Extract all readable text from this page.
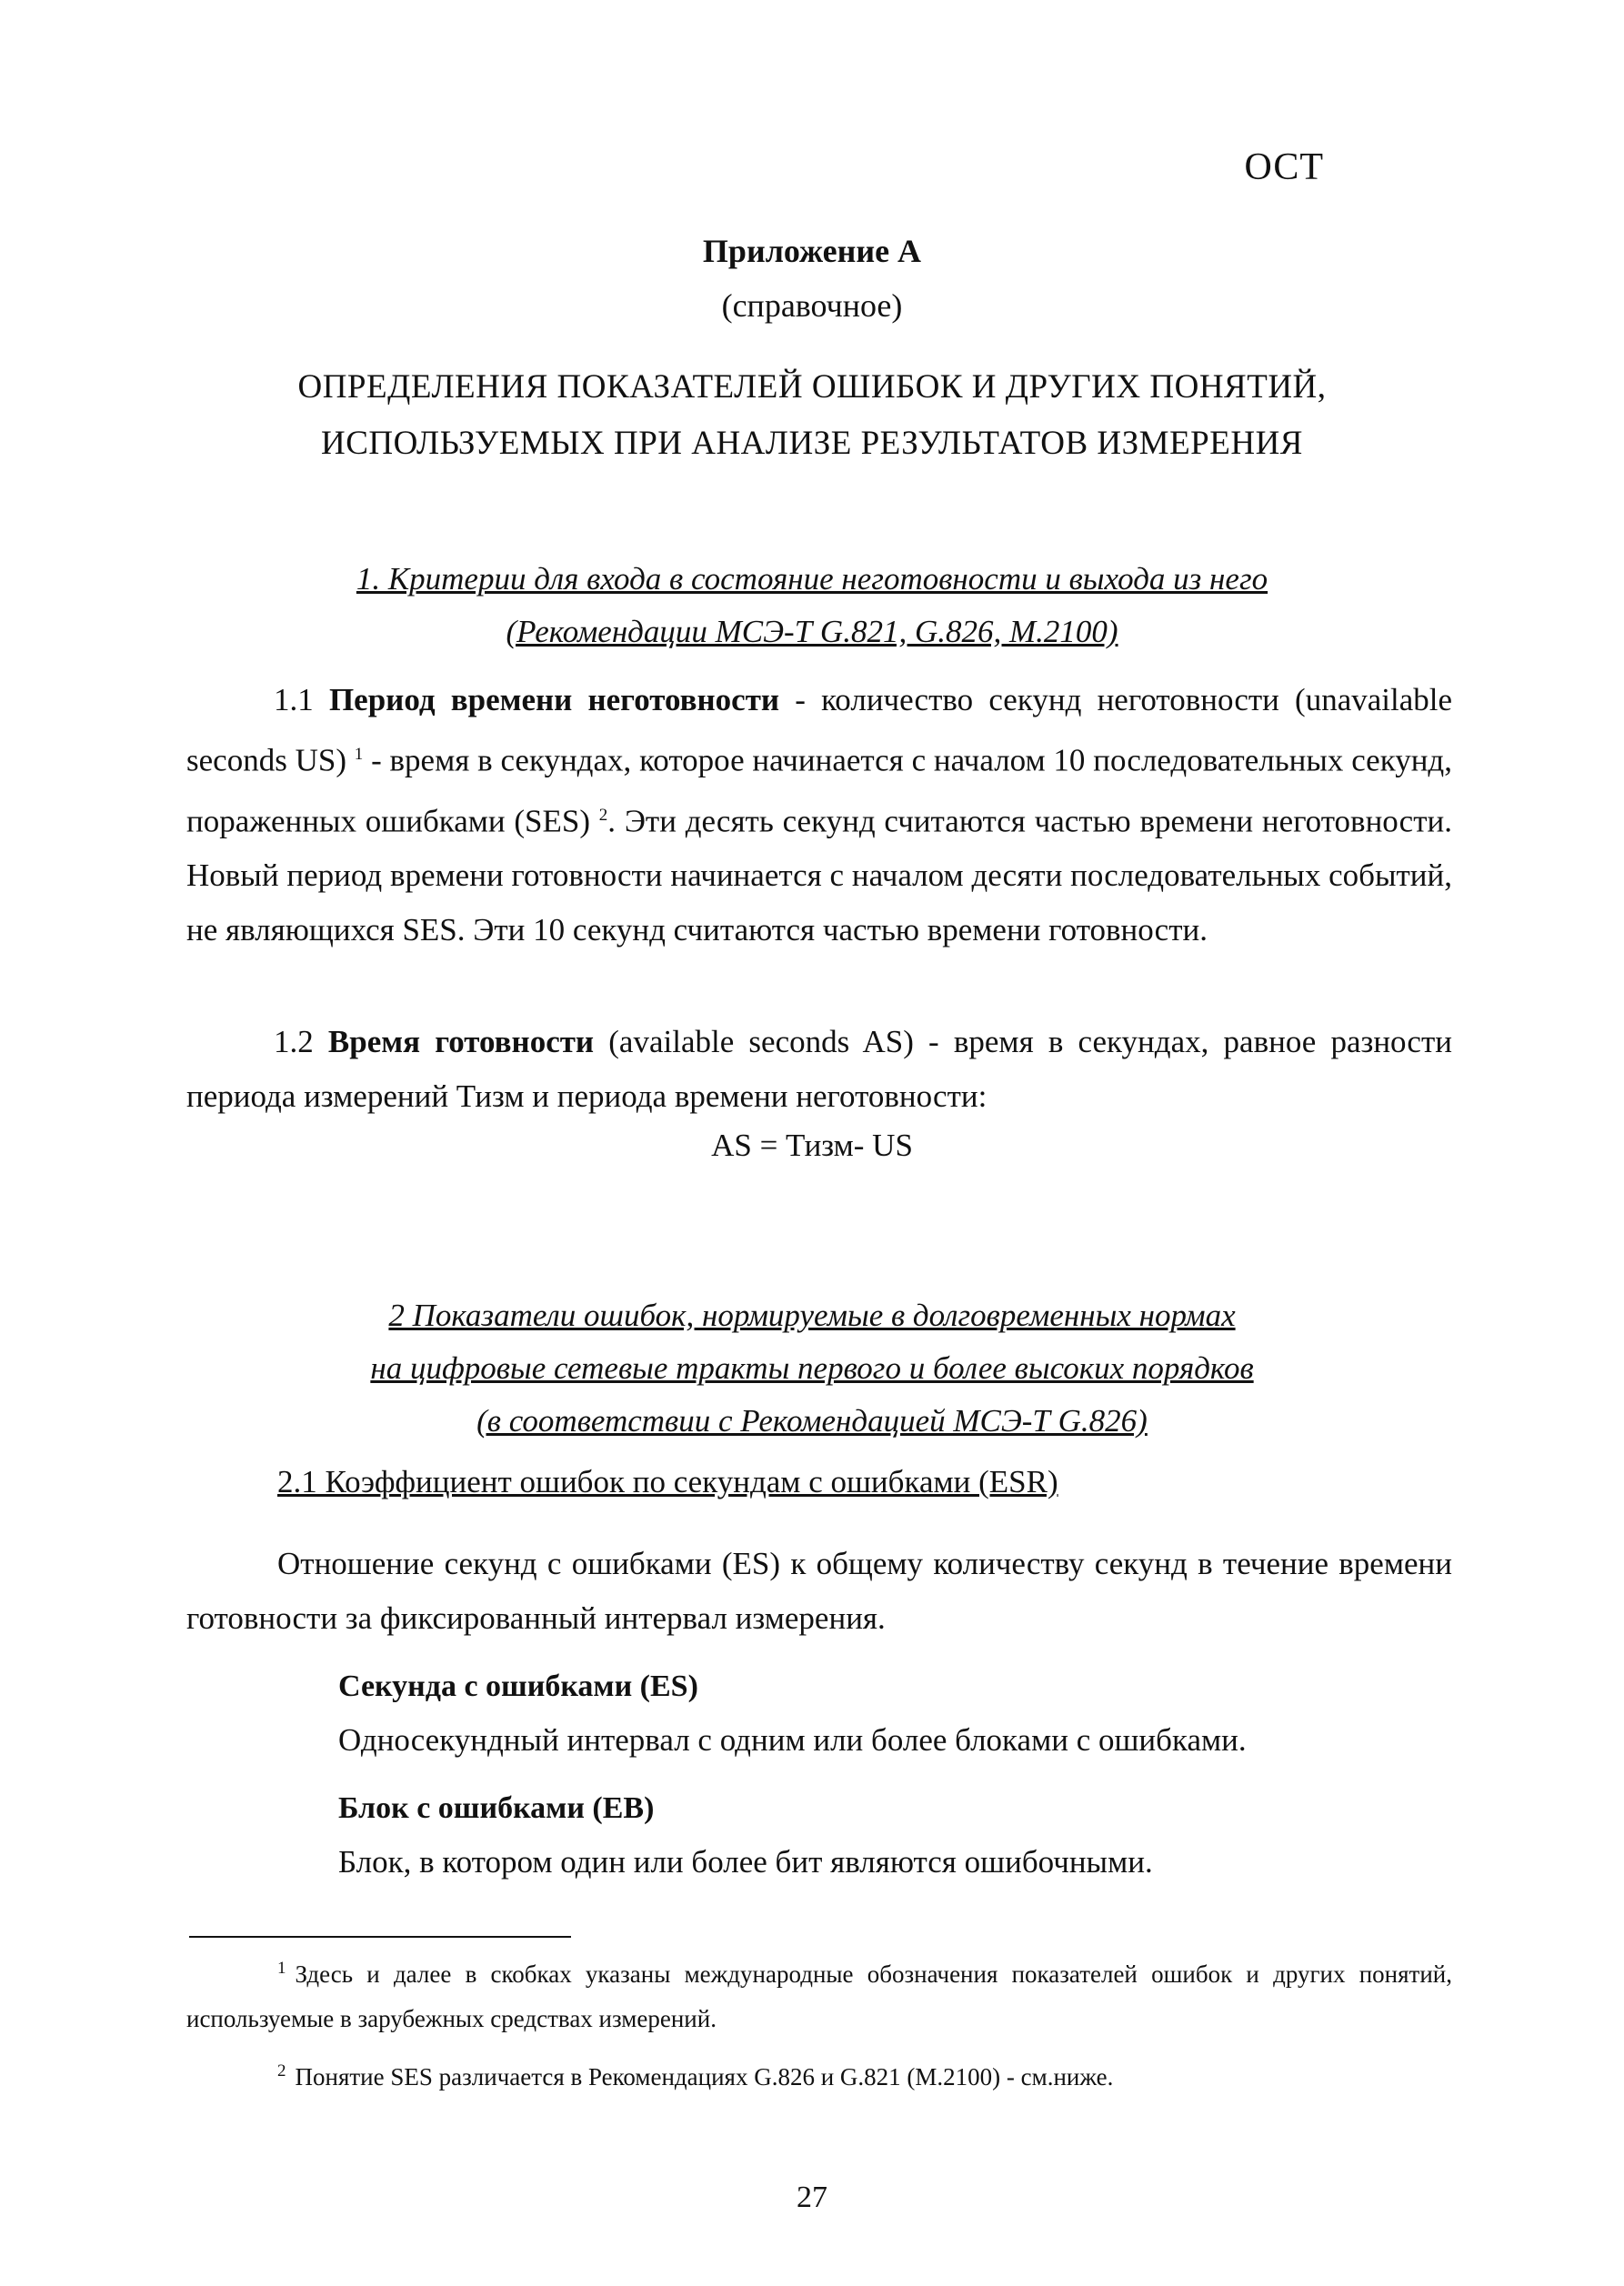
ОСТ

Приложение А

(справочное)

ОПРЕДЕЛЕНИЯ ПОКАЗАТЕЛЕЙ ОШИБОК И ДРУГИХ ПОНЯТИЙ,
ИСПОЛЬЗУЕМЫХ ПРИ АНАЛИЗЕ РЕЗУЛЬТАТОВ ИЗМЕРЕНИЯ
1. Критерии для входа в состояние неготовности и выхода из него
(Рекомендации МСЭ-Т G.821, G.826, M.2100)

1.1 Период времени неготовности - количество секунд неготовности (unavailable seconds US) $^1$ - время в секундах, которое начинается с началом 10 последовательных секунд, пораженных ошибками (SES) $^2$. Эти десять секунд считаются частью времени неготовности. Новый период времени готовности начинается с началом десяти последовательных событий, не являющихся SES. Эти 10 секунд считаются частью времени готовности.

1.2 Время готовности (available seconds AS) - время в секундах, равное разности периода измерений Тизм и периода времени неготовности:

AS = Тизм- US

2 Показатели ошибок, нормируемые в долговременных нормах
на цифровые сетевые тракты первого и более высоких порядков
(в соответствии с Рекомендацией МСЭ-Т G.826)

2.1 Коэффициент ошибок по секундам с ошибками (ESR)

Отношение секунд с ошибками (ES) к общему количеству секунд в течение времени готовности за фиксированный интервал измерения.

Секунда с ошибками (ES)

Односекундный интервал с одним или более блоками с ошибками.

Блок с ошибками (EB)

Блок, в котором один или более бит являются ошибочными.

$^1$ Здесь и далее в скобках указаны международные обозначения показателей ошибок и других понятий, используемые в зарубежных средствах измерений.

$^2$ Понятие SES различается в Рекомендациях G.826 и G.821 (M.2100) - см.ниже.

27
